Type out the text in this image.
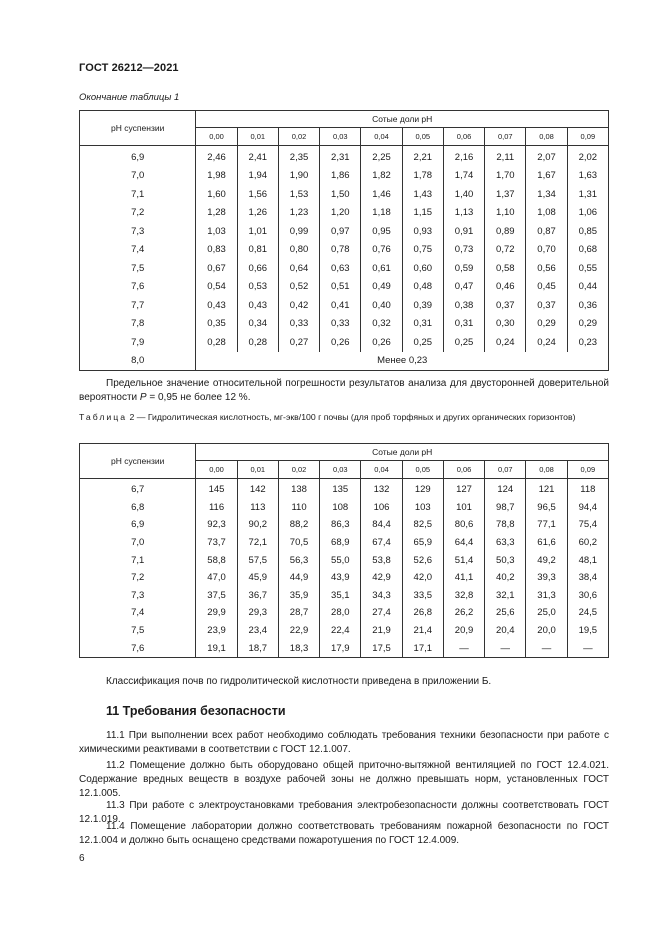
ГОСТ 26212—2021
Окончание таблицы 1
рН суспензии	Сотые доли рН									
	0,00	0,01	0,02	0,03	0,04	0,05	0,06	0,07	0,08	0,09
6,9	2,46	2,41	2,35	2,31	2,25	2,21	2,16	2,11	2,07	2,02
7,0	1,98	1,94	1,90	1,86	1,82	1,78	1,74	1,70	1,67	1,63
7,1	1,60	1,56	1,53	1,50	1,46	1,43	1,40	1,37	1,34	1,31
7,2	1,28	1,26	1,23	1,20	1,18	1,15	1,13	1,10	1,08	1,06
7,3	1,03	1,01	0,99	0,97	0,95	0,93	0,91	0,89	0,87	0,85
7,4	0,83	0,81	0,80	0,78	0,76	0,75	0,73	0,72	0,70	0,68
7,5	0,67	0,66	0,64	0,63	0,61	0,60	0,59	0,58	0,56	0,55
7,6	0,54	0,53	0,52	0,51	0,49	0,48	0,47	0,46	0,45	0,44
7,7	0,43	0,43	0,42	0,41	0,40	0,39	0,38	0,37	0,37	0,36
7,8	0,35	0,34	0,33	0,33	0,32	0,31	0,31	0,30	0,29	0,29
7,9	0,28	0,28	0,27	0,26	0,26	0,25	0,25	0,24	0,24	0,23
8,0	Менее 0,23									
Предельное значение относительной погрешности результатов анализа для двусторонней доверительной вероятности Р = 0,95 не более 12 %.
Таблица 2 — Гидролитическая кислотность, мг-экв/100 г почвы (для проб торфяных и других органических горизонтов)
рН суспензии	Сотые доли рН									
	0,00	0,01	0,02	0,03	0,04	0,05	0,06	0,07	0,08	0,09
6,7	145	142	138	135	132	129	127	124	121	118
6,8	116	113	110	108	106	103	101	98,7	96,5	94,4
6,9	92,3	90,2	88,2	86,3	84,4	82,5	80,6	78,8	77,1	75,4
7,0	73,7	72,1	70,5	68,9	67,4	65,9	64,4	63,3	61,6	60,2
7,1	58,8	57,5	56,3	55,0	53,8	52,6	51,4	50,3	49,2	48,1
7,2	47,0	45,9	44,9	43,9	42,9	42,0	41,1	40,2	39,3	38,4
7,3	37,5	36,7	35,9	35,1	34,3	33,5	32,8	32,1	31,3	30,6
7,4	29,9	29,3	28,7	28,0	27,4	26,8	26,2	25,6	25,0	24,5
7,5	23,9	23,4	22,9	22,4	21,9	21,4	20,9	20,4	20,0	19,5
7,6	19,1	18,7	18,3	17,9	17,5	17,1	—	—	—	—
Классификация почв по гидролитической кислотности приведена в приложении Б.
11 Требования безопасности
11.1 При выполнении всех работ необходимо соблюдать требования техники безопасности при работе с химическими реактивами в соответствии с ГОСТ 12.1.007.
11.2 Помещение должно быть оборудовано общей приточно-вытяжной вентиляцией по ГОСТ 12.4.021. Содержание вредных веществ в воздухе рабочей зоны не должно превышать норм, установленных ГОСТ 12.1.005.
11.3 При работе с электроустановками требования электробезопасности должны соответствовать ГОСТ 12.1.019.
11.4 Помещение лаборатории должно соответствовать требованиям пожарной безопасности по ГОСТ 12.1.004 и должно быть оснащено средствами пожаротушения по ГОСТ 12.4.009.
6
